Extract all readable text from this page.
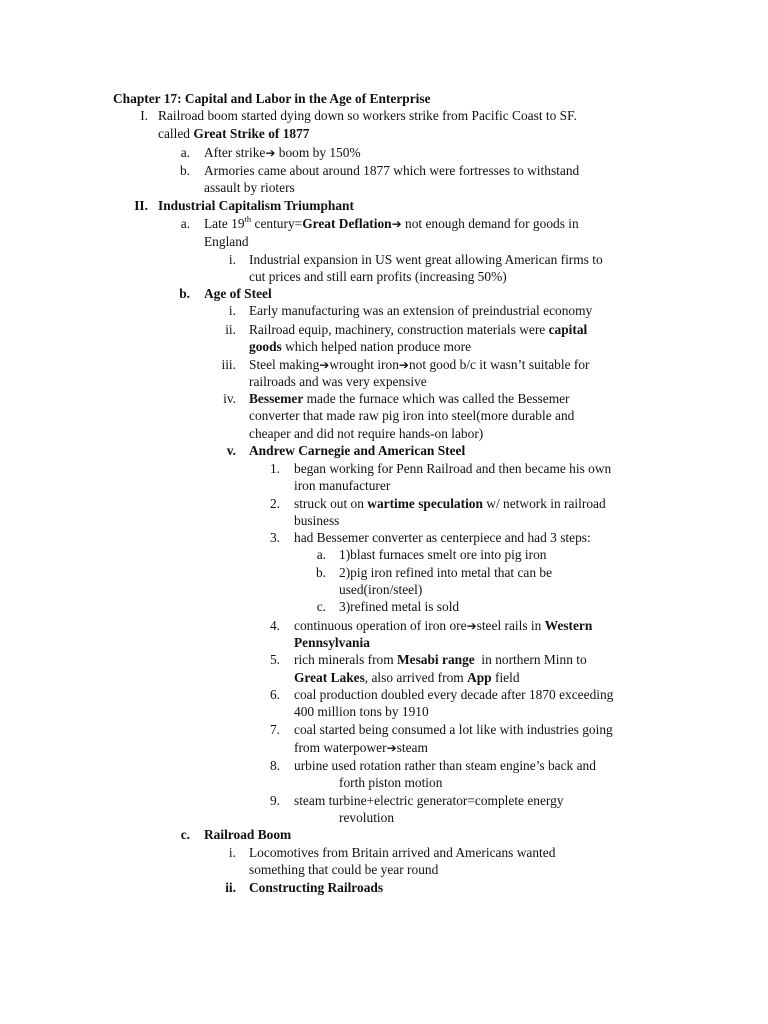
Chapter 17: Capital and Labor in the Age of Enterprise
I. Railroad boom started dying down so workers strike from Pacific Coast to SF.
called Great Strike of 1877
a. After strike➔ boom by 150%
b. Armories came about around 1877 which were fortresses to withstand
assault by rioters
II. Industrial Capitalism Triumphant
a. Late 19th century=Great Deflation➔ not enough demand for goods in
England
i. Industrial expansion in US went great allowing American firms to
cut prices and still earn profits (increasing 50%)
b. Age of Steel
i. Early manufacturing was an extension of preindustrial economy
ii. Railroad equip, machinery, construction materials were capital
goods which helped nation produce more
iii. Steel making➔wrought iron➔not good b/c it wasn’t suitable for
railroads and was very expensive
iv. Bessemer made the furnace which was called the Bessemer
converter that made raw pig iron into steel(more durable and
cheaper and did not require hands-on labor)
v. Andrew Carnegie and American Steel
1. began working for Penn Railroad and then became his own
iron manufacturer
2. struck out on wartime speculation w/ network in railroad
business
3. had Bessemer converter as centerpiece and had 3 steps:
a. 1)blast furnaces smelt ore into pig iron
b. 2)pig iron refined into metal that can be
used(iron/steel)
c. 3)refined metal is sold
4. continuous operation of iron ore➔steel rails in Western
Pennsylvania
5. rich minerals from Mesabi range  in northern Minn to
Great Lakes, also arrived from App field
6. coal production doubled every decade after 1870 exceeding
400 million tons by 1910
7. coal started being consumed a lot like with industries going
from waterpower➔steam
8. urbine used rotation rather than steam engine’s back and
forth piston motion
9. steam turbine+electric generator=complete energy
revolution
c. Railroad Boom
i. Locomotives from Britain arrived and Americans wanted
something that could be year round
ii. Constructing Railroads
